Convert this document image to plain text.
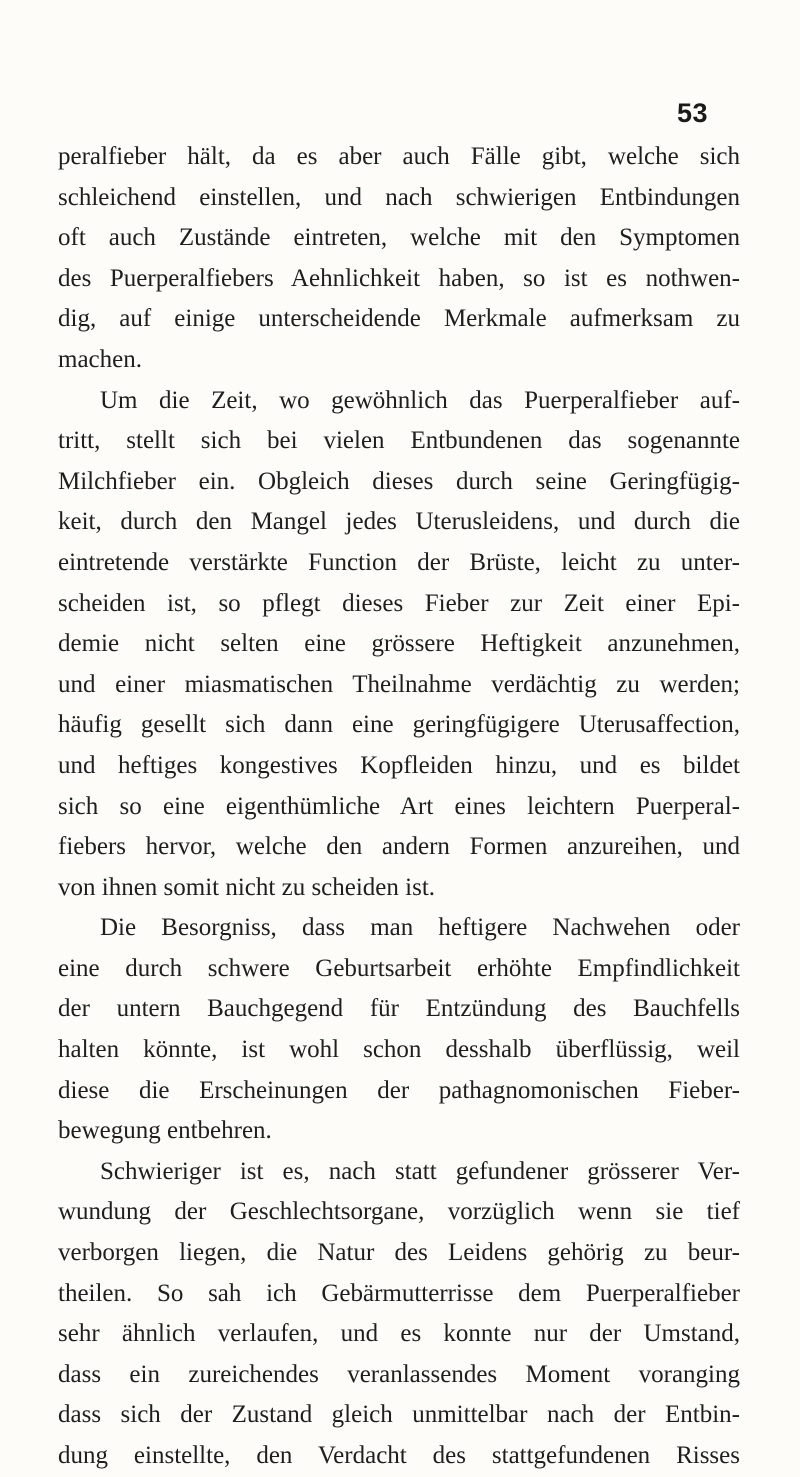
53
peralfieber hält, da es aber auch Fälle gibt, welche sich
schleichend einstellen, und nach schwierigen Entbindungen
oft auch Zustände eintreten, welche mit den Symptomen
des Puerperalfiebers Aehnlichkeit haben, so ist es nothwen-
dig, auf einige unterscheidende Merkmale aufmerksam zu
machen.
Um die Zeit, wo gewöhnlich das Puerperalfieber auf-
tritt, stellt sich bei vielen Entbundenen das sogenannte
Milchfieber ein. Obgleich dieses durch seine Geringfügig-
keit, durch den Mangel jedes Uterusleidens, und durch die
eintretende verstärkte Function der Brüste, leicht zu unter-
scheiden ist, so pflegt dieses Fieber zur Zeit einer Epi-
demie nicht selten eine grössere Heftigkeit anzunehmen,
und einer miasmatischen Theilnahme verdächtig zu werden;
häufig gesellt sich dann eine geringfügigere Uterusaffection,
und heftiges kongestives Kopfleiden hinzu, und es bildet
sich so eine eigenthümliche Art eines leichtern Puerperal-
fiebers hervor, welche den andern Formen anzureihen, und
von ihnen somit nicht zu scheiden ist.
Die Besorgniss, dass man heftigere Nachwehen oder
eine durch schwere Geburtsarbeit erhöhte Empfindlichkeit
der untern Bauchgegend für Entzündung des Bauchfells
halten könnte, ist wohl schon desshalb überflüssig, weil
diese die Erscheinungen der pathagnomonischen Fieber-
bewegung entbehren.
Schwieriger ist es, nach statt gefundener grösserer Ver-
wundung der Geschlechtsorgane, vorzüglich wenn sie tief
verborgen liegen, die Natur des Leidens gehörig zu beur-
theilen. So sah ich Gebärmutterrisse dem Puerperalfieber
sehr ähnlich verlaufen, und es konnte nur der Umstand,
dass ein zureichendes veranlassendes Moment voranging
dass sich der Zustand gleich unmittelbar nach der Entbin-
dung einstellte, den Verdacht des stattgefundenen Risses
